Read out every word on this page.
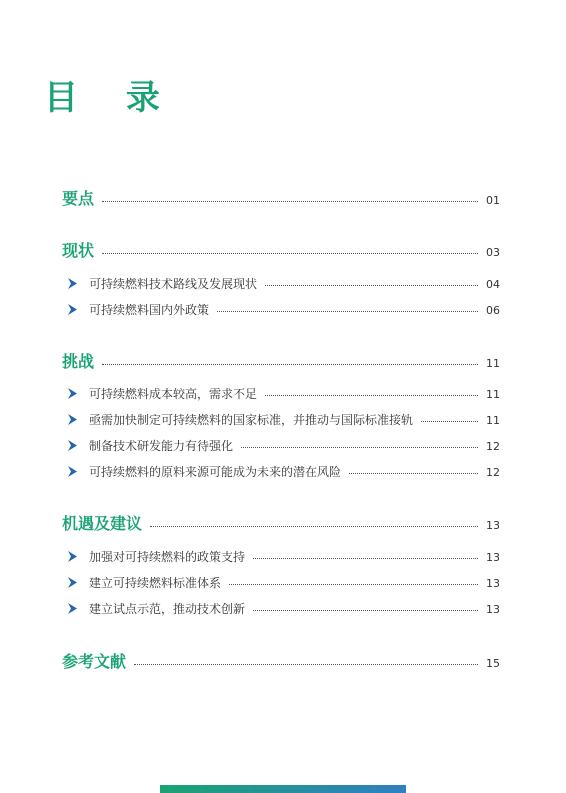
目 录
要点	01
现状	03
可持续燃料技术路线及发展现状	04
可持续燃料国内外政策	06
挑战	11
可持续燃料成本较高，需求不足	11
亟需加快制定可持续燃料的国家标准，并推动与国际标准接轨	11
制备技术研发能力有待强化	12
可持续燃料的原料来源可能成为未来的潜在风险	12
机遇及建议	13
加强对可持续燃料的政策支持	13
建立可持续燃料标准体系	13
建立试点示范，推动技术创新	13
参考文献	15
